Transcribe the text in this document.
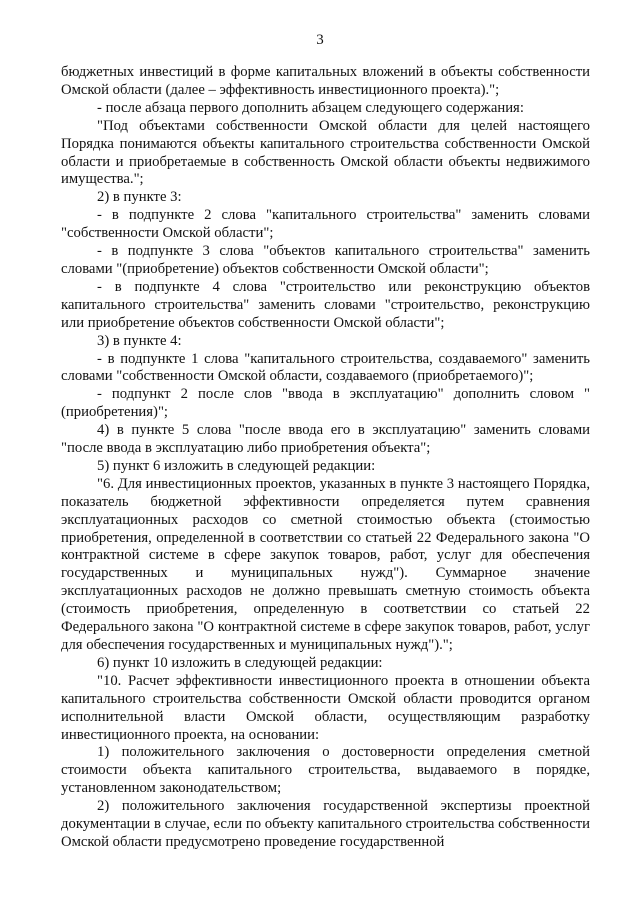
3

бюджетных инвестиций в форме капитальных вложений в объекты собственности Омской области (далее – эффективность инвестиционного проекта).";

- после абзаца первого дополнить абзацем следующего содержания:

"Под объектами собственности Омской области для целей настоящего Порядка понимаются объекты капитального строительства собственности Омской области и приобретаемые в собственность Омской области объекты недвижимого имущества.";

2) в пункте 3:

- в подпункте 2 слова "капитального строительства" заменить словами "собственности Омской области";

- в подпункте 3 слова "объектов капитального строительства" заменить словами "(приобретение) объектов собственности Омской области";

- в подпункте 4 слова "строительство или реконструкцию объектов капитального строительства" заменить словами "строительство, реконструкцию или приобретение объектов собственности Омской области";

3) в пункте 4:

- в подпункте 1 слова "капитального строительства, создаваемого" заменить словами "собственности Омской области, создаваемого (приобретаемого)";

- подпункт 2 после слов "ввода в эксплуатацию" дополнить словом "(приобретения)";

4) в пункте 5 слова "после ввода его в эксплуатацию" заменить словами "после ввода в эксплуатацию либо приобретения объекта";

5) пункт 6 изложить в следующей редакции:

"6. Для инвестиционных проектов, указанных в пункте 3 настоящего Порядка, показатель бюджетной эффективности определяется путем сравнения эксплуатационных расходов со сметной стоимостью объекта (стоимостью приобретения, определенной в соответствии со статьей 22 Федерального закона "О контрактной системе в сфере закупок товаров, работ, услуг для обеспечения государственных и муниципальных нужд"). Суммарное значение эксплуатационных расходов не должно превышать сметную стоимость объекта (стоимость приобретения, определенную в соответствии со статьей 22 Федерального закона "О контрактной системе в сфере закупок товаров, работ, услуг для обеспечения государственных и муниципальных нужд").";

6) пункт 10 изложить в следующей редакции:

"10. Расчет эффективности инвестиционного проекта в отношении объекта капитального строительства собственности Омской области проводится органом исполнительной власти Омской области, осуществляющим разработку инвестиционного проекта, на основании:

1) положительного заключения о достоверности определения сметной стоимости объекта капитального строительства, выдаваемого в порядке, установленном законодательством;

2) положительного заключения государственной экспертизы проектной документации в случае, если по объекту капитального строительства собственности Омской области предусмотрено проведение государственной
